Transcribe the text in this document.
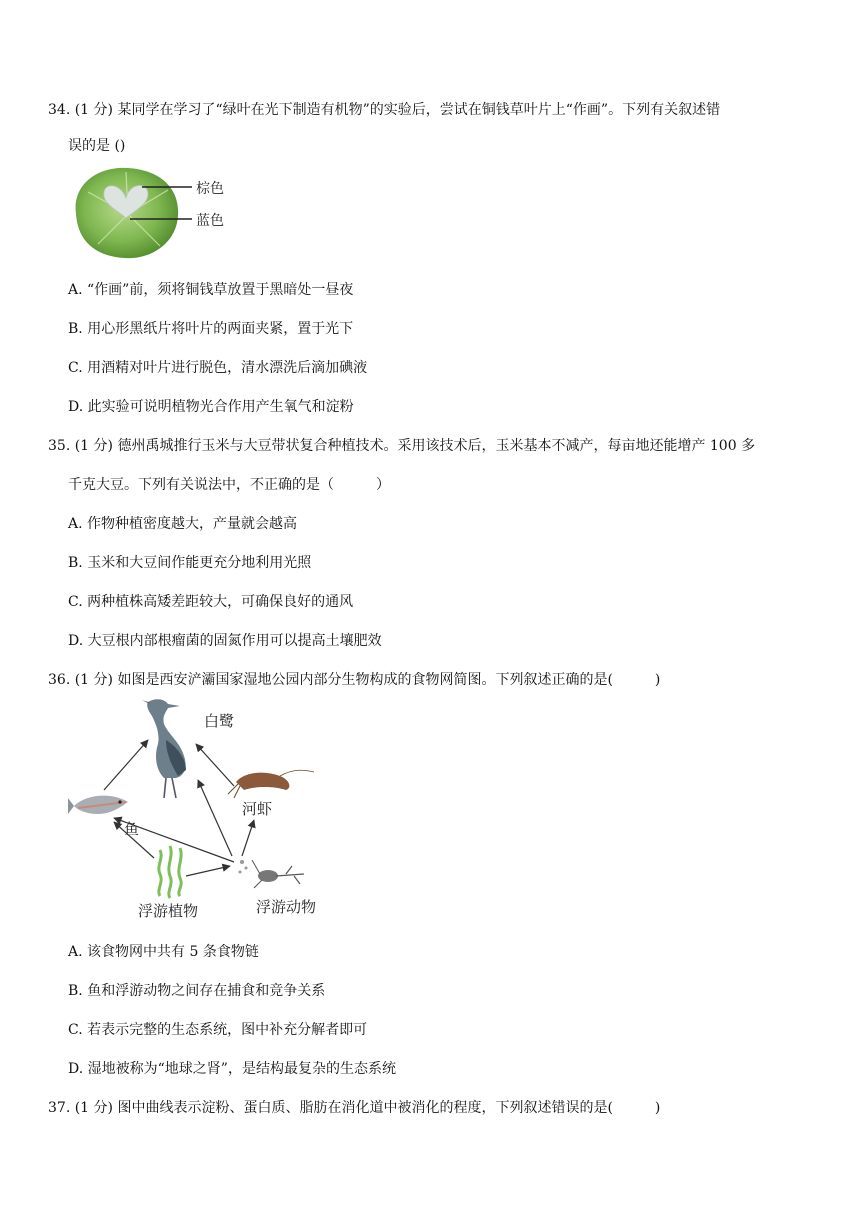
34. (1 分) 某同学在学习了“绿叶在光下制造有机物”的实验后，尝试在铜钱草叶片上“作画”。下列有关叙述错
误的是 ()
棕色
蓝色
A. “作画”前，须将铜钱草放置于黑暗处一昼夜
B. 用心形黑纸片将叶片的两面夹紧，置于光下
C. 用酒精对叶片进行脱色，清水漂洗后滴加碘液
D. 此实验可说明植物光合作用产生氧气和淀粉
35. (1 分) 德州禹城推行玉米与大豆带状复合种植技术。采用该技术后，玉米基本不减产，每亩地还能增产 100 多
千克大豆。下列有关说法中，不正确的是（　　　）
A. 作物种植密度越大，产量就会越高
B. 玉米和大豆间作能更充分地利用光照
C. 两种植株高矮差距较大，可确保良好的通风
D. 大豆根内部根瘤菌的固氮作用可以提高土壤肥效
36. (1 分) 如图是西安浐灞国家湿地公园内部分生物构成的食物网简图。下列叙述正确的是(　　　)
白鹭
河虾
鱼
浮游植物	浮游动物
A. 该食物网中共有 5 条食物链
B. 鱼和浮游动物之间存在捕食和竞争关系
C. 若表示完整的生态系统，图中补充分解者即可
D. 湿地被称为“地球之肾”，是结构最复杂的生态系统
37. (1 分) 图中曲线表示淀粉、蛋白质、脂肪在消化道中被消化的程度，下列叙述错误的是(　　　)
